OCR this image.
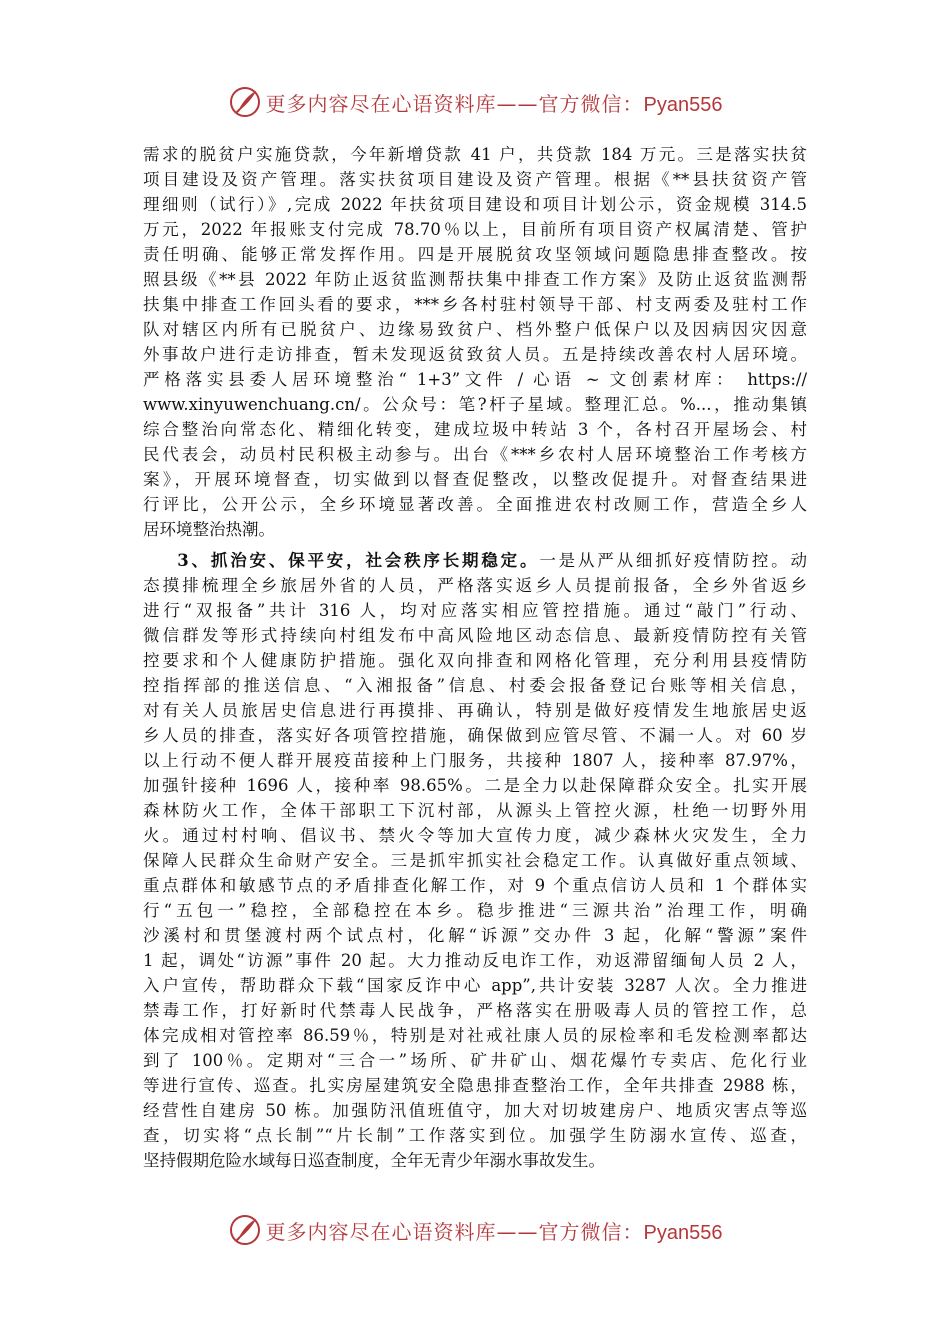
更多内容尽在心语资料库——官方微信：Pyan556
需求的脱贫户实施贷款，今年新增贷款 41 户，共贷款 184 万元。三是落实扶贫
项目建设及资产管理。落实扶贫项目建设及资产管理。根据《**县扶贫资产管
理细则（试行）》,完成 2022 年扶贫项目建设和项目计划公示，资金规模 314.5
万元，2022 年报账支付完成 78.70％以上，目前所有项目资产权属清楚、管护
责任明确、能够正常发挥作用。四是开展脱贫攻坚领域问题隐患排查整改。按
照县级《**县 2022 年防止返贫监测帮扶集中排查工作方案》及防止返贫监测帮
扶集中排查工作回头看的要求，***乡各村驻村领导干部、村支两委及驻村工作
队对辖区内所有已脱贫户、边缘易致贫户、档外整户低保户以及因病因灾因意
外事故户进行走访排查，暂未发现返贫致贫人员。五是持续改善农村人居环境。
严格落实县委人居环境整治“ 1+3”文件 / 心语 ~ 文创素材库： https://
www.xinyuwenchuang.cn/。公众号：笔?杆子星域。整理汇总。%...，推动集镇
综合整治向常态化、精细化转变，建成垃圾中转站 3 个，各村召开屋场会、村
民代表会，动员村民积极主动参与。出台《***乡农村人居环境整治工作考核方
案》，开展环境督查，切实做到以督查促整改，以整改促提升。对督查结果进
行评比，公开公示，全乡环境显著改善。全面推进农村改厕工作，营造全乡人
居环境整治热潮。
3、抓治安、保平安，社会秩序长期稳定。一是从严从细抓好疫情防控。动
态摸排梳理全乡旅居外省的人员，严格落实返乡人员提前报备，全乡外省返乡
进行“双报备”共计 316 人，均对应落实相应管控措施。通过“敲门”行动、
微信群发等形式持续向村组发布中高风险地区动态信息、最新疫情防控有关管
控要求和个人健康防护措施。强化双向排查和网格化管理，充分利用县疫情防
控指挥部的推送信息、“入湘报备”信息、村委会报备登记台账等相关信息，
对有关人员旅居史信息进行再摸排、再确认，特别是做好疫情发生地旅居史返
乡人员的排查，落实好各项管控措施，确保做到应管尽管、不漏一人。对 60 岁
以上行动不便人群开展疫苗接种上门服务，共接种 1807 人，接种率 87.97%，
加强针接种 1696 人，接种率 98.65%。二是全力以赴保障群众安全。扎实开展
森林防火工作，全体干部职工下沉村部，从源头上管控火源，杜绝一切野外用
火。通过村村响、倡议书、禁火令等加大宣传力度，减少森林火灾发生，全力
保障人民群众生命财产安全。三是抓牢抓实社会稳定工作。认真做好重点领域、
重点群体和敏感节点的矛盾排查化解工作，对 9 个重点信访人员和 1 个群体实
行“五包一”稳控，全部稳控在本乡。稳步推进“三源共治”治理工作，明确
沙溪村和贯堡渡村两个试点村，化解“诉源”交办件 3 起，化解“警源”案件
1 起，调处“访源”事件 20 起。大力推动反电诈工作，劝返滞留缅甸人员 2 人，
入户宣传，帮助群众下载“国家反诈中心 app”,共计安装 3287 人次。全力推进
禁毒工作，打好新时代禁毒人民战争，严格落实在册吸毒人员的管控工作，总
体完成相对管控率 86.59％，特别是对社戒社康人员的尿检率和毛发检测率都达
到了 100％。定期对“三合一”场所、矿井矿山、烟花爆竹专卖店、危化行业
等进行宣传、巡查。扎实房屋建筑安全隐患排查整治工作，全年共排查 2988 栋，
经营性自建房 50 栋。加强防汛值班值守，加大对切坡建房户、地质灾害点等巡
查，切实将“点长制”“片长制”工作落实到位。加强学生防溺水宣传、巡查，
坚持假期危险水域每日巡查制度，全年无青少年溺水事故发生。
更多内容尽在心语资料库——官方微信：Pyan556
